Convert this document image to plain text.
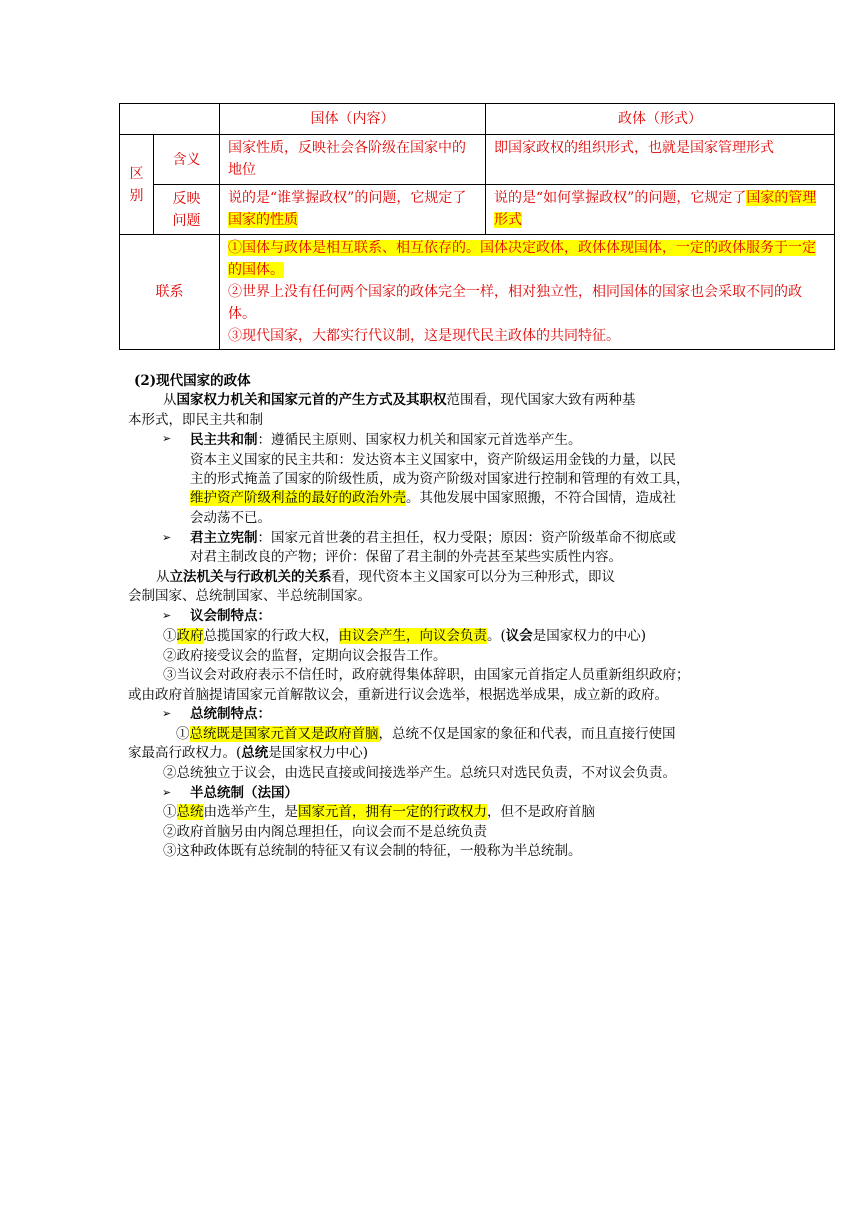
		国体（内容）	政体（形式）
区别	含义	国家性质，反映社会各阶级在国家中的地位	即国家政权的组织形式，也就是国家管理形式
	反映问题	说的是“谁掌握政权”的问题，它规定了国家的性质	说的是“如何掌握政权”的问题，它规定了国家的管理形式
联系		①国体与政体是相互联系、相互依存的。国体决定政体，政体体现国体，一定的政体服务于一定的国体。
②世界上没有任何两个国家的政体完全一样，相对独立性，相同国体的国家也会采取不同的政体。
③现代国家，大都实行代议制，这是现代民主政体的共同特征。	
(2)现代国家的政体
从国家权力机关和国家元首的产生方式及其职权范围看，现代国家大致有两种基
本形式，即民主共和制
➢ 民主共和制：遵循民主原则、国家权力机关和国家元首选举产生。
资本主义国家的民主共和：发达资本主义国家中，资产阶级运用金钱的力量，以民
主的形式掩盖了国家的阶级性质，成为资产阶级对国家进行控制和管理的有效工具，
维护资产阶级利益的最好的政治外壳。其他发展中国家照搬，不符合国情，造成社
会动荡不已。
➢ 君主立宪制：国家元首世袭的君主担任，权力受限；原因：资产阶级革命不彻底或
对君主制改良的产物；评价：保留了君主制的外壳甚至某些实质性内容。
从立法机关与行政机关的关系看，现代资本主义国家可以分为三种形式，即议
会制国家、总统制国家、半总统制国家。
➢ 议会制特点：
①政府总揽国家的行政大权，由议会产生，向议会负责。(议会是国家权力的中心)
②政府接受议会的监督，定期向议会报告工作。
③当议会对政府表示不信任时，政府就得集体辞职，由国家元首指定人员重新组织政府；
或由政府首脑提请国家元首解散议会，重新进行议会选举，根据选举成果，成立新的政府。
➢ 总统制特点：
①总统既是国家元首又是政府首脑，总统不仅是国家的象征和代表，而且直接行使国
家最高行政权力。(总统是国家权力中心)
②总统独立于议会，由选民直接或间接选举产生。总统只对选民负责，不对议会负责。
➢ 半总统制（法国）
①总统由选举产生，是国家元首，拥有一定的行政权力，但不是政府首脑
②政府首脑另由内阁总理担任，向议会而不是总统负责
③这种政体既有总统制的特征又有议会制的特征，一般称为半总统制。
